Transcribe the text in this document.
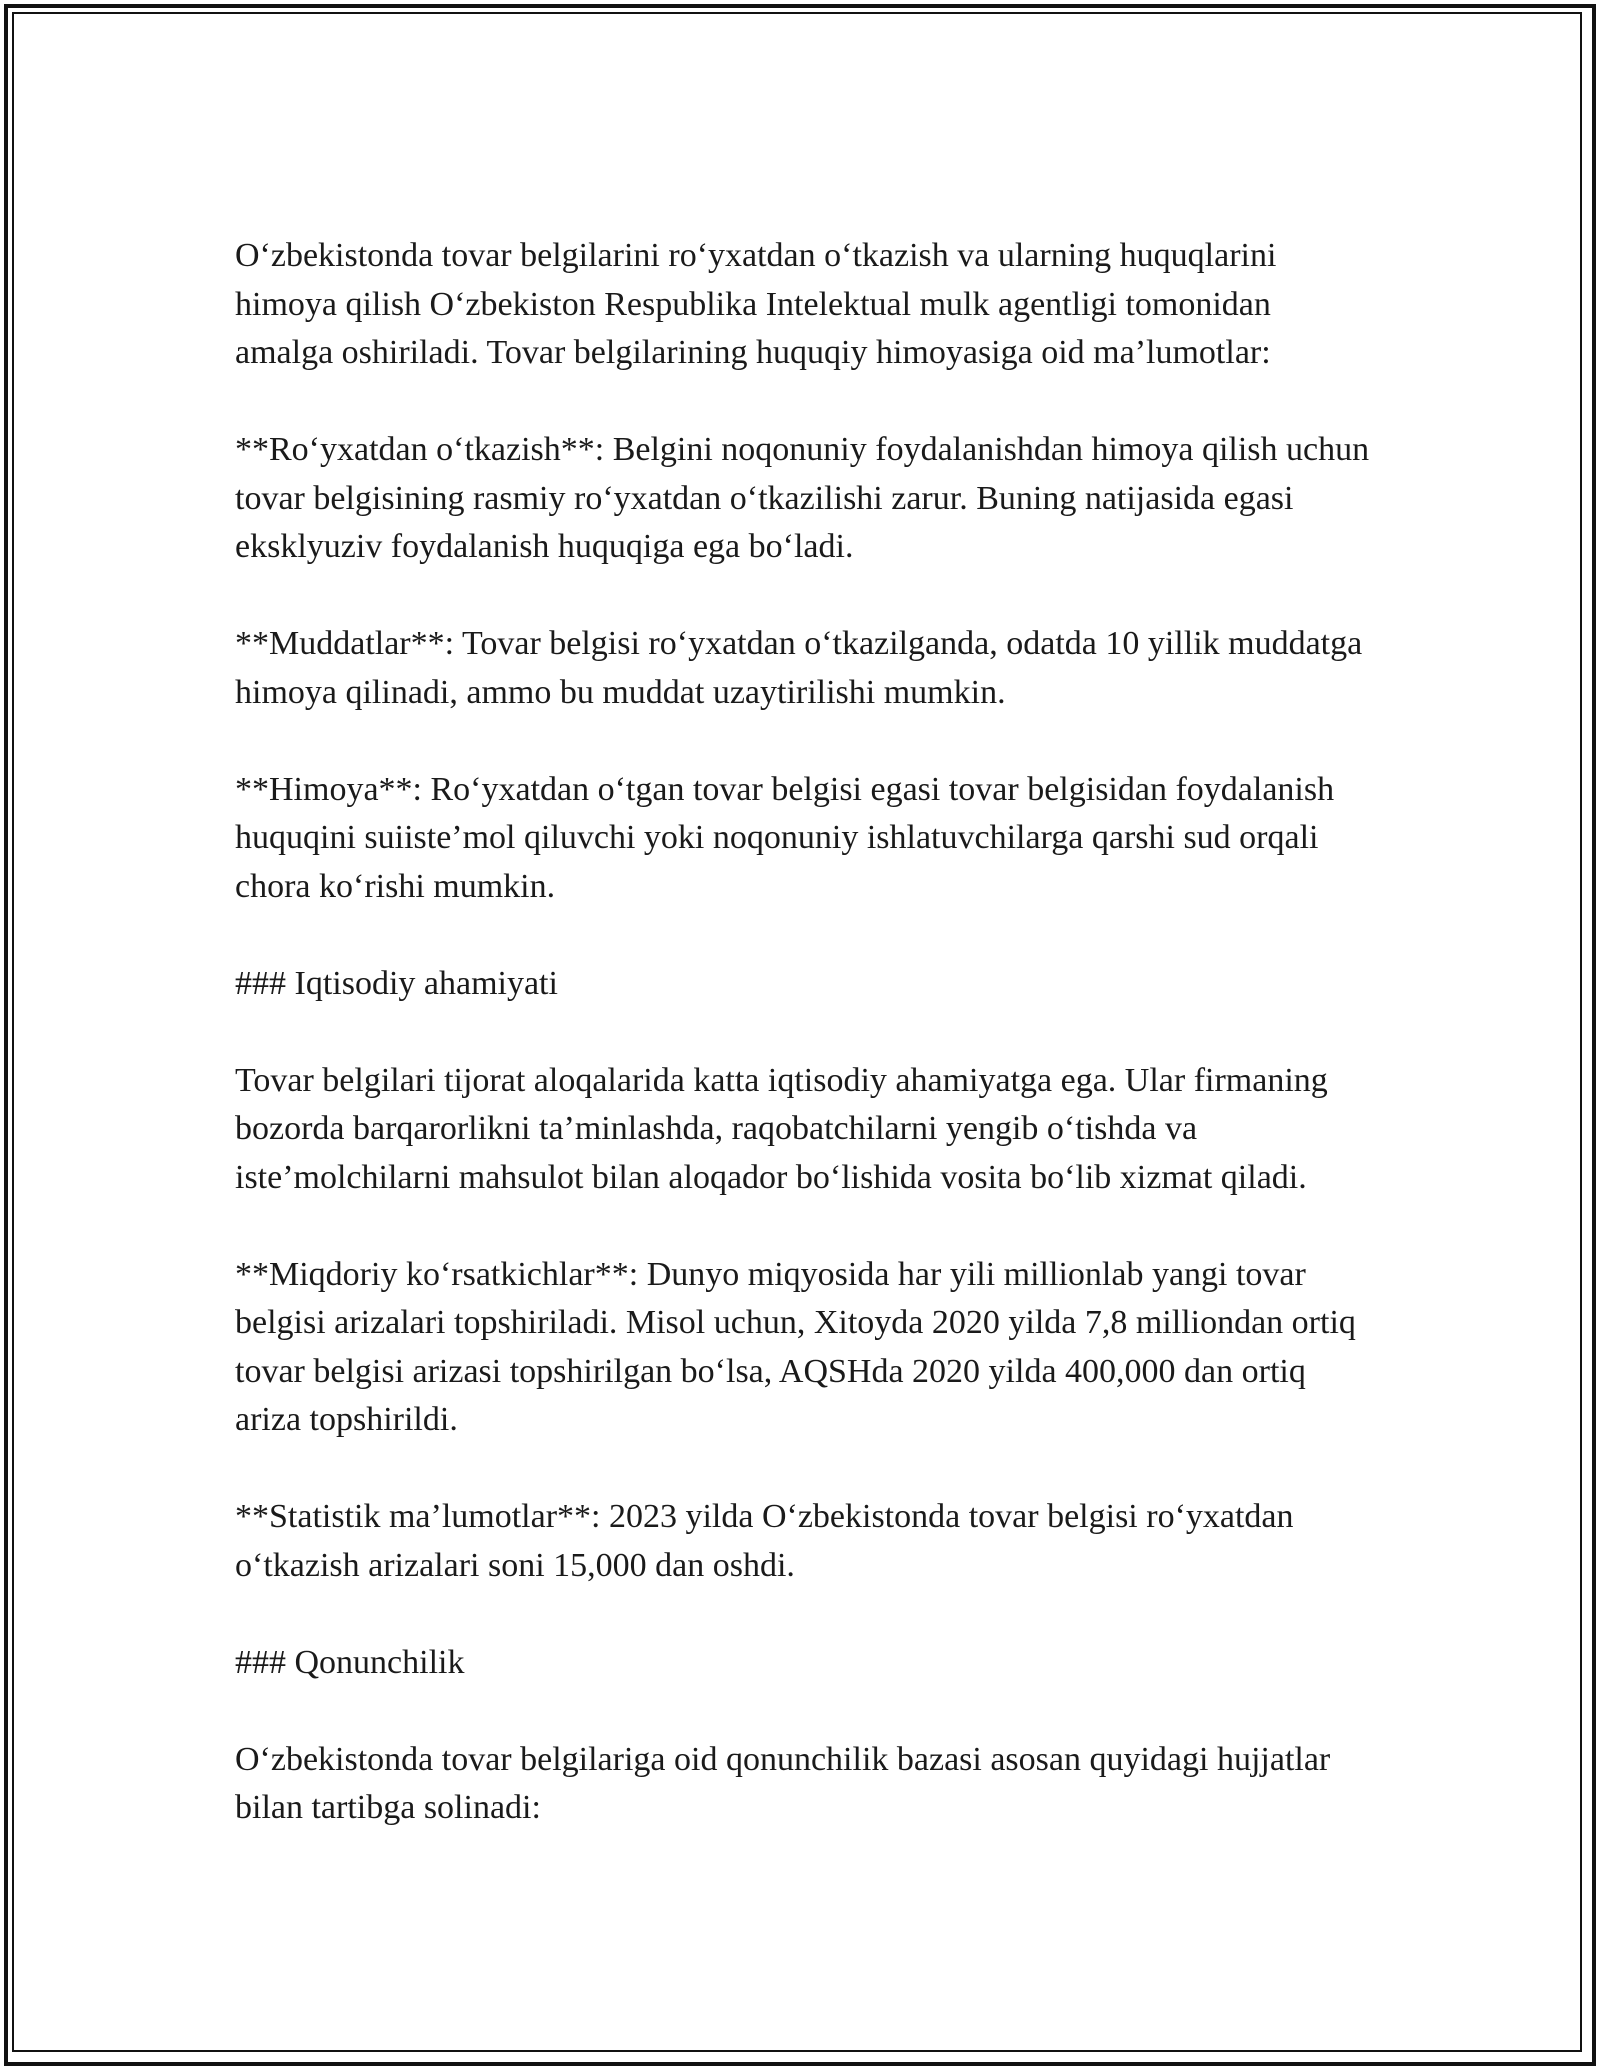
O‘zbekistonda tovar belgilarini ro‘yxatdan o‘tkazish va ularning huquqlarini himoya qilish O‘zbekiston Respublika Intelektual mulk agentligi tomonidan amalga oshiriladi. Tovar belgilarining huquqiy himoyasiga oid ma’lumotlar:

**Ro‘yxatdan o‘tkazish**: Belgini noqonuniy foydalanishdan himoya qilish uchun tovar belgisining rasmiy ro‘yxatdan o‘tkazilishi zarur. Buning natijasida egasi eksklyuziv foydalanish huquqiga ega bo‘ladi.

**Muddatlar**: Tovar belgisi ro‘yxatdan o‘tkazilganda, odatda 10 yillik muddatga himoya qilinadi, ammo bu muddat uzaytirilishi mumkin.

**Himoya**: Ro‘yxatdan o‘tgan tovar belgisi egasi tovar belgisidan foydalanish huquqini suiiste’mol qiluvchi yoki noqonuniy ishlatuvchilarga qarshi sud orqali chora ko‘rishi mumkin.

### Iqtisodiy ahamiyati

Tovar belgilari tijorat aloqalarida katta iqtisodiy ahamiyatga ega. Ular firmaning bozorda barqarorlikni ta’minlashda, raqobatchilarni yengib o‘tishda va iste’molchilarni mahsulot bilan aloqador bo‘lishida vosita bo‘lib xizmat qiladi.

**Miqdoriy ko‘rsatkichlar**: Dunyo miqyosida har yili millionlab yangi tovar belgisi arizalari topshiriladi. Misol uchun, Xitoyda 2020 yilda 7,8 milliondan ortiq tovar belgisi arizasi topshirilgan bo‘lsa, AQSHda 2020 yilda 400,000 dan ortiq ariza topshirildi.

**Statistik ma’lumotlar**: 2023 yilda O‘zbekistonda tovar belgisi ro‘yxatdan o‘tkazish arizalari soni 15,000 dan oshdi.

### Qonunchilik

O‘zbekistonda tovar belgilariga oid qonunchilik bazasi asosan quyidagi hujjatlar bilan tartibga solinadi:
